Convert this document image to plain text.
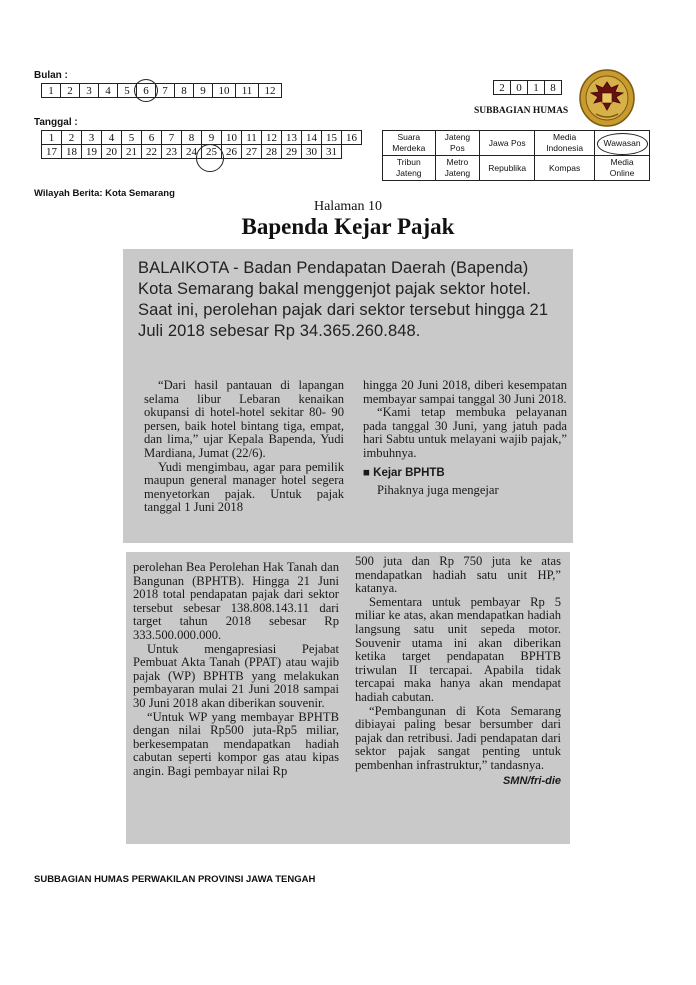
Bulan :
1	2	3	4	5	6	7	8	9	10	11	12
Tanggal :
1	2	3	4	5	6	7	8	9	10	11	12	13	14	15	16
17	18	19	20	21	22	23	24	25	26	27	28	29	30	31	
2	0	1	8
SUBBAGIAN HUMAS
Suara Merdeka	Jateng Pos	Jawa Pos	Media Indonesia	Wawasan
Tribun Jateng	Metro Jateng	Republika	Kompas	Media Online
Wilayah Berita: Kota Semarang
Halaman 10
Bapenda Kejar Pajak
BALAIKOTA - Badan Pendapatan Daerah (Bapenda) Kota Semarang bakal menggenjot pajak sektor hotel. Saat ini, perolehan pajak dari sektor tersebut hingga 21 Juli 2018 sebesar Rp 34.365.260.848.

“Dari hasil pantauan di lapangan selama libur Lebaran kenaikan okupansi di hotel-hotel sekitar 80- 90 persen, baik hotel bintang tiga, empat, dan lima,” ujar Kepala Bapenda, Yudi Mardiana, Jumat (22/6).

Yudi mengimbau, agar para pemilik maupun general manager hotel segera menyetorkan pajak. Untuk pajak tanggal 1 Juni 2018

hingga 20 Juni 2018, diberi kesempatan membayar sampai tanggal 30 Juni 2018.

“Kami tetap membuka pelayanan pada tanggal 30 Juni, yang jatuh pada hari Sabtu untuk melayani wajib pajak,” imbuhnya.

■ Kejar BPHTB

Pihaknya juga mengejar

perolehan Bea Perolehan Hak Tanah dan Bangunan (BPHTB). Hingga 21 Juni 2018 total pendapatan pajak dari sektor tersebut sebesar 138.808.143.11 dari target tahun 2018 sebesar Rp 333.500.000.000.

Untuk mengapresiasi Pejabat Pembuat Akta Tanah (PPAT) atau wajib pajak (WP) BPHTB yang melakukan pembayaran mulai 21 Juni 2018 sampai 30 Juni 2018 akan diberikan souvenir.

“Untuk WP yang membayar BPHTB dengan nilai Rp500 juta-Rp5 miliar, berkesempatan mendapatkan hadiah cabutan seperti kompor gas atau kipas angin. Bagi pembayar nilai Rp

500 juta dan Rp 750 juta ke atas mendapatkan hadiah satu unit HP,” katanya.

Sementara untuk pembayar Rp 5 miliar ke atas, akan mendapatkan hadiah langsung satu unit sepeda motor. Souvenir utama ini akan diberikan ketika target pendapatan BPHTB triwulan II tercapai. Apabila tidak tercapai maka hanya akan mendapat hadiah cabutan.

“Pembangunan di Kota Semarang dibiayai paling besar bersumber dari pajak dan retribusi. Jadi pendapatan dari sektor pajak sangat penting untuk pembenhan infrastruktur,” tandasnya.

SMN/fri-die

SUBBAGIAN HUMAS PERWAKILAN PROVINSI JAWA TENGAH
